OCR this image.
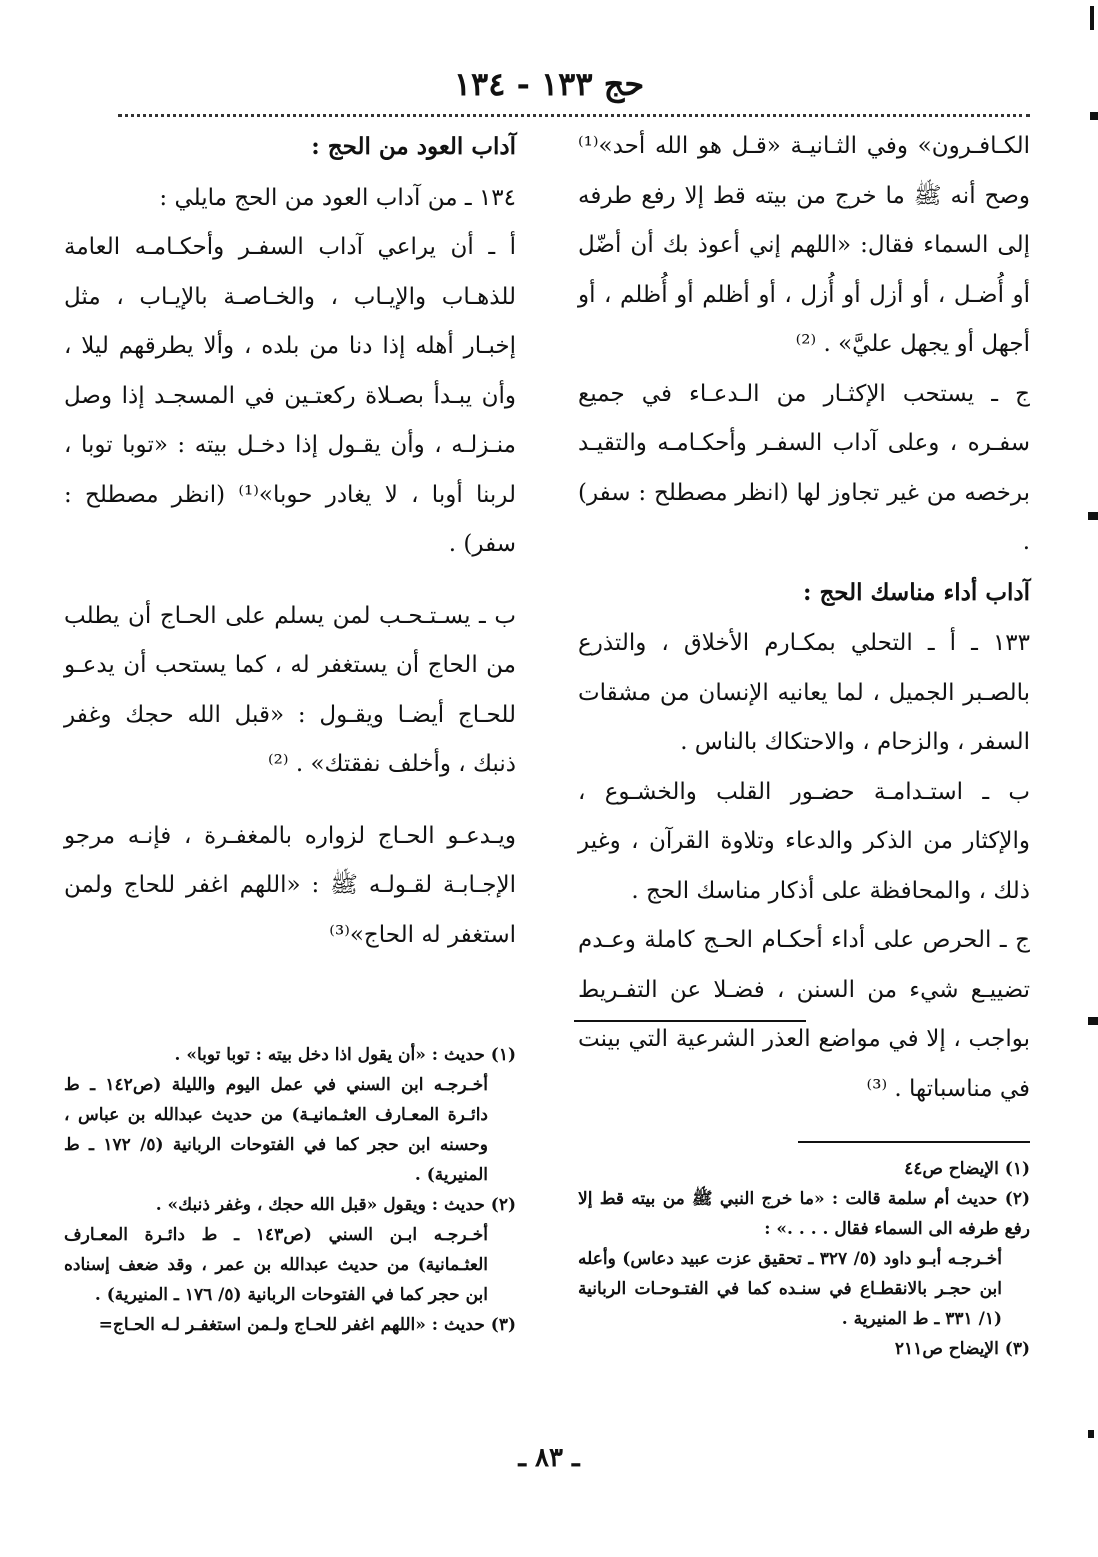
حج ١٣٣ - ١٣٤

الكـافـرون» وفي الثـانيـة «قـل هو الله أحد»⁽¹⁾ وصح أنه ﷺ ما خرج من بيته قط إلا رفع طرفه إلى السماء فقال: «اللهم إني أعوذ بك أن أضّل أو أُضـل ، أو أزل أو أُزل ، أو أظلم أو أُظلم ، أو أجهل أو يجهل عليَّ» . ⁽²⁾

ج ـ يستحب الإكثـار من الـدعـاء في جميع سفـره ، وعلى آداب السفـر وأحكـامـه والتقيـد برخصه من غير تجاوز لها (انظر مصطلح : سفر) .

آداب أداء مناسك الحج :

١٣٣ ـ أ ـ التحلي بمكـارم الأخلاق ، والتذرع بالصـبر الجميل ، لما يعانيه الإنسان من مشقات السفر ، والزحام ، والاحتكاك بالناس .

ب ـ استـدامـة حضـور القلب والخشـوع ، والإكثار من الذكر والدعاء وتلاوة القرآن ، وغير ذلك ، والمحافظة على أذكار مناسك الحج .

ج ـ الحرص على أداء أحكـام الحـج كاملة وعـدم تضييـع شيء من السنن ، فضـلا عن التفـريط بواجب ، إلا في مواضع العذر الشرعية التي بينت في مناسباتها . ⁽³⁾

آداب العود من الحج :

١٣٤ ـ من آداب العود من الحج مايلي :

أ ـ أن يراعي آداب السفـر وأحكـامـه العامة للذهـاب والإيـاب ، والخـاصـة بالإيـاب ، مثل إخبـار أهله إذا دنا من بلده ، وألا يطرقهم ليلا ، وأن يبـدأ بصـلاة ركعتـين في المسجـد إذا وصل منـزلـه ، وأن يقـول إذا دخـل بيته : «توبا توبا ، لربنا أوبا ، لا يغادر حوبا»⁽¹⁾ (انظر مصطلح : سفر) .

ب ـ يسـتـحـب لمن يسلم على الحـاج أن يطلب من الحاج أن يستغفر له ، كما يستحب أن يدعـو للحـاج أيضـا ويقـول : «قبل الله حجك وغفر ذنبك ، وأخلف نفقتك» . ⁽²⁾

ويـدعـو الحـاج لزواره بالمغفـرة ، فإنـه مرجو الإجـابـة لقـولـه ﷺ : «اللهم اغفر للحاج ولمن استغفر له الحاج»⁽³⁾

(١) الإيضاح ص٤٤

(٢) حديث أم سلمة قالت : «ما خرج النبي ﷺ من بيته قط إلا رفع طرفه الى السماء فقال . . . .» :

أخـرجـه أبـو داود (٥/ ٣٢٧ ـ تحقيق عزت عبيد دعاس) وأعله ابن حجـر بالانقطـاع في سنـده كما في الفتـوحـات الربانية (١/ ٣٣١ ـ ط المنيرية .

(٣) الإيضاح ص٢١١

(١) حديث : «أن يقول اذا دخل بيته : توبا توبا» .

أخـرجـه ابن السني في عمل اليوم والليلة (ص١٤٢ ـ ط دائـرة المعـارف العثـمانيـة) من حديث عبدالله بن عباس ، وحسنه ابن حجر كما في الفتوحات الربانية (٥/ ١٧٢ ـ ط المنيرية) .

(٢) حديث : ويقول «قبل الله حجك ، وغفر ذنبك» .

أخـرجـه ابـن السني (ص١٤٣ ـ ط دائـرة المعـارف العثـمانية) من حديث عبدالله بن عمر ، وقد ضعف إسناده ابن حجر كما في الفتوحات الربانية (٥/ ١٧٦ ـ المنيرية) .

(٣) حديث : «اللهم اغفر للحـاج ولـمن استغفـر لـه الحـاج=

ـ ٨٣ ـ
